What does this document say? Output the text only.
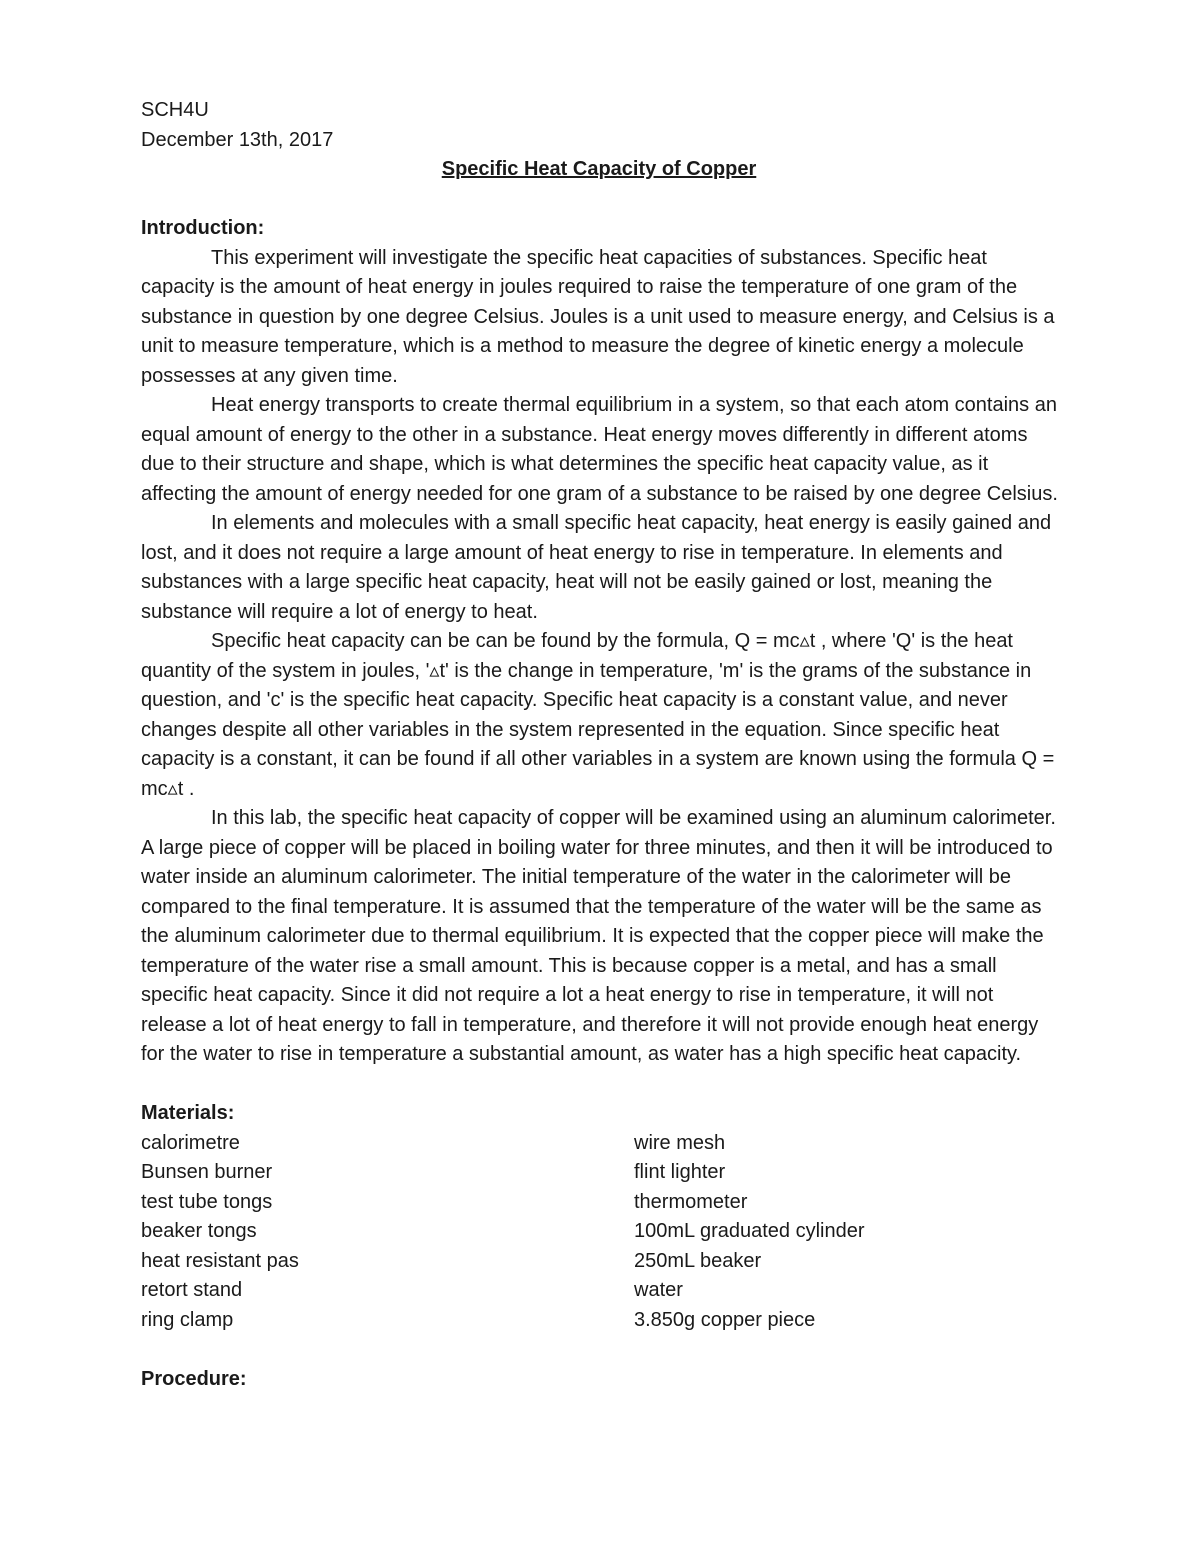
SCH4U
December 13th, 2017
Specific Heat Capacity of Copper
Introduction:

This experiment will investigate the specific heat capacities of substances. Specific heat capacity is the amount of heat energy in joules required to raise the temperature of one gram of the substance in question by one degree Celsius. Joules is a unit used to measure energy, and Celsius is a unit to measure temperature, which is a method to measure the degree of kinetic energy a molecule possesses at any given time.

Heat energy transports to create thermal equilibrium in a system, so that each atom contains an equal amount of energy to the other in a substance. Heat energy moves differently in different atoms due to their structure and shape, which is what determines the specific heat capacity value, as it affecting the amount of energy needed for one gram of a substance to be raised by one degree Celsius.

In elements and molecules with a small specific heat capacity, heat energy is easily gained and lost, and it does not require a large amount of heat energy to rise in temperature. In elements and substances with a large specific heat capacity, heat will not be easily gained or lost, meaning the substance will require a lot of energy to heat.

Specific heat capacity can be can be found by the formula, Q = mc▵t , where 'Q' is the heat quantity of the system in joules, '▵t' is the change in temperature, 'm' is the grams of the substance in question, and 'c' is the specific heat capacity. Specific heat capacity is a constant value, and never changes despite all other variables in the system represented in the equation. Since specific heat capacity is a constant, it can be found if all other variables in a system are known using the formula Q = mc▵t .

In this lab, the specific heat capacity of copper will be examined using an aluminum calorimeter. A large piece of copper will be placed in boiling water for three minutes, and then it will be introduced to water inside an aluminum calorimeter. The initial temperature of the water in the calorimeter will be compared to the final temperature. It is assumed that the temperature of the water will be the same as the aluminum calorimeter due to thermal equilibrium. It is expected that the copper piece will make the temperature of the water rise a small amount. This is because copper is a metal, and has a small specific heat capacity. Since it did not require a lot a heat energy to rise in temperature, it will not release a lot of heat energy to fall in temperature, and therefore it will not provide enough heat energy for the water to rise in temperature a substantial amount, as water has a high specific heat capacity.

Materials:
calorimetre	wire mesh
Bunsen burner	flint lighter
test tube tongs	thermometer
beaker tongs	100mL graduated cylinder
heat resistant pas	250mL beaker
retort stand	water
ring clamp	3.850g copper piece
Procedure:
